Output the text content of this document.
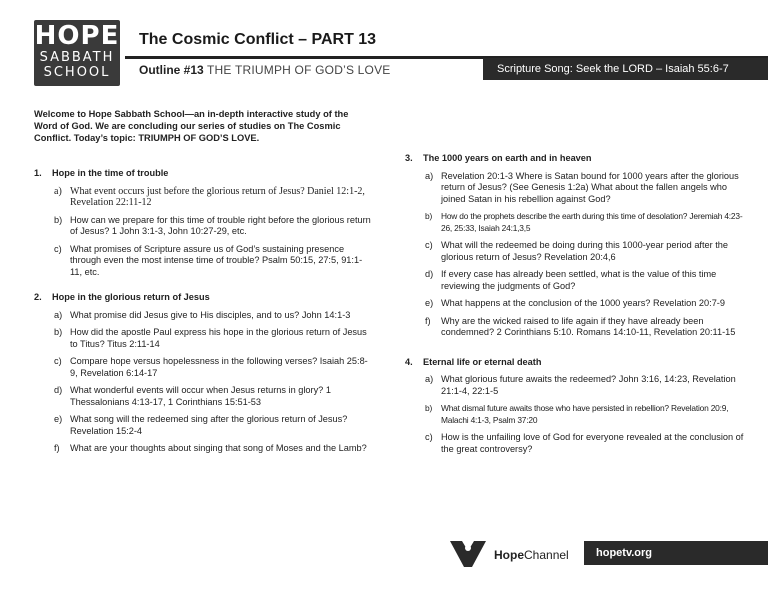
HOPE
SABBATH
SCHOOL
The Cosmic Conflict – PART 13
Outline #13 THE TRIUMPH OF GOD’S LOVE	Scripture Song: Seek the LORD – Isaiah 55:6-7
Welcome to Hope Sabbath School—an in-depth interactive study of the Word of God. We are concluding our series of studies on The Cosmic Conflict. Today’s topic: TRIUMPH OF GOD’S LOVE.
1. Hope in the time of trouble
a) What event occurs just before the glorious return of Jesus? Daniel 12:1-2, Revelation 22:11-12
b) How can we prepare for this time of trouble right before the glorious return of Jesus? 1 John 3:1-3, John 10:27-29, etc.
c) What promises of Scripture assure us of God’s sustaining presence through even the most intense time of trouble? Psalm 50:15, 27:5, 91:1-11, etc.
2. Hope in the glorious return of Jesus
a) What promise did Jesus give to His disciples, and to us? John 14:1-3
b) How did the apostle Paul express his hope in the glorious return of Jesus to Titus? Titus 2:11-14
c) Compare hope versus hopelessness in the following verses? Isaiah 25:8-9, Revelation 6:14-17
d) What wonderful events will occur when Jesus returns in glory? 1 Thessalonians 4:13-17, 1 Corinthians 15:51-53
e) What song will the redeemed sing after the glorious return of Jesus? Revelation 15:2-4
f) What are your thoughts about singing that song of Moses and the Lamb?
3. The 1000 years on earth and in heaven
a) Revelation 20:1-3 Where is Satan bound for 1000 years after the glorious return of Jesus? (See Genesis 1:2a) What about the fallen angels who joined Satan in his rebellion against God?
b) How do the prophets describe the earth during this time of desolation? Jeremiah 4:23-26, 25:33, Isaiah 24:1,3,5
c) What will the redeemed be doing during this 1000-year period after the glorious return of Jesus? Revelation 20:4,6
d) If every case has already been settled, what is the value of this time reviewing the judgments of God?
e) What happens at the conclusion of the 1000 years? Revelation 20:7-9
f) Why are the wicked raised to life again if they have already been condemned? 2 Corinthians 5:10. Romans 14:10-11, Revelation 20:11-15
4. Eternal life or eternal death
a) What glorious future awaits the redeemed? John 3:16, 14:23, Revelation 21:1-4, 22:1-5
b) What dismal future awaits those who have persisted in rebellion? Revelation 20:9, Malachi 4:1-3, Psalm 37:20
c) How is the unfailing love of God for everyone revealed at the conclusion of the great controversy?
HopeChannel	hopetv.org
